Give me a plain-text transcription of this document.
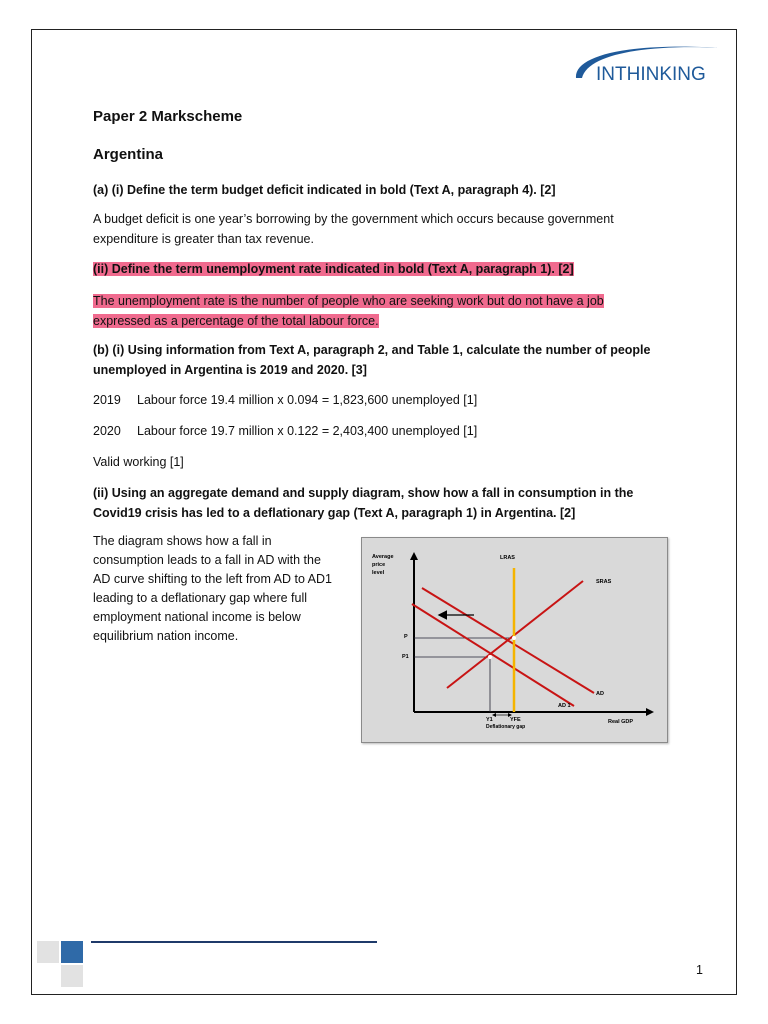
INTHINKING
Paper 2 Markscheme
Argentina
(a) (i) Define the term budget deficit indicated in bold (Text A, paragraph 4). [2]
A budget deficit is one year’s borrowing by the government which occurs because government
expenditure is greater than tax revenue.
(ii) Define the term unemployment rate indicated in bold (Text A, paragraph 1). [2]
The unemployment rate is the number of people who are seeking work but do not have a job
expressed as a percentage of the total labour force.
(b) (i) Using information from Text A, paragraph 2, and Table 1, calculate the number of people
unemployed in Argentina is 2019 and 2020. [3]
2019 Labour force 19.4 million x 0.094 = 1,823,600 unemployed [1]
2020 Labour force 19.7 million x 0.122 = 2,403,400 unemployed [1]
Valid working [1]
(ii) Using an aggregate demand and supply diagram, show how a fall in consumption in the
Covid19 crisis has led to a deflationary gap (Text A, paragraph 1) in Argentina. [2]
The diagram shows how a fall in
consumption leads to a fall in AD with the
AD curve shifting to the left from AD to AD1
leading to a deflationary gap where full
employment national income is below
equilibrium nation income.
Average
price
level
Real GDP
LRAS
SRAS
AD
AD 1
P
P1
Y1	YFE
Deflationary gap
1
